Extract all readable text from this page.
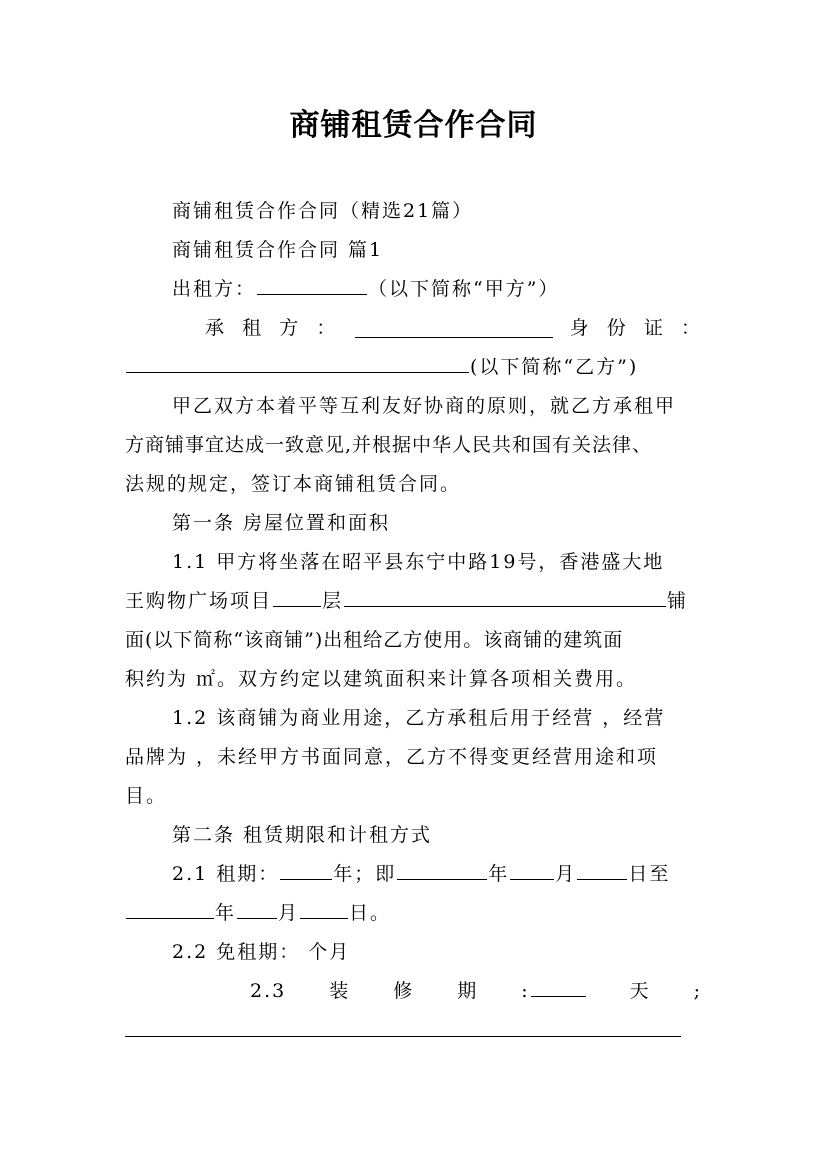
商铺租赁合作合同
商铺租赁合作合同（精选21篇）
商铺租赁合作合同 篇1
出租方：	（以下简称“甲方”）
承 租 方 ：	身 份 证 ：
(以下简称“乙方”)
甲乙双方本着平等互利友好协商的原则，就乙方承租甲
方商铺事宜达成一致意见,并根据中华人民共和国有关法律、
法规的规定，签订本商铺租赁合同。
第一条 房屋位置和面积
1.1 甲方将坐落在昭平县东宁中路19号，香港盛大地
王购物广场项目	层	铺
面(以下简称“该商铺”)出租给乙方使用。该商铺的建筑面
积约为 ㎡。双方约定以建筑面积来计算各项相关费用。
1.2 该商铺为商业用途，乙方承租后用于经营 ，经营
品牌为 ，未经甲方书面同意，乙方不得变更经营用途和项
目。
第二条 租赁期限和计租方式
2.1 租期：	年；即	年 月	日至
年 月	日。
2.2 免租期： 个月
2.3 装 修 期 :	天 ;
